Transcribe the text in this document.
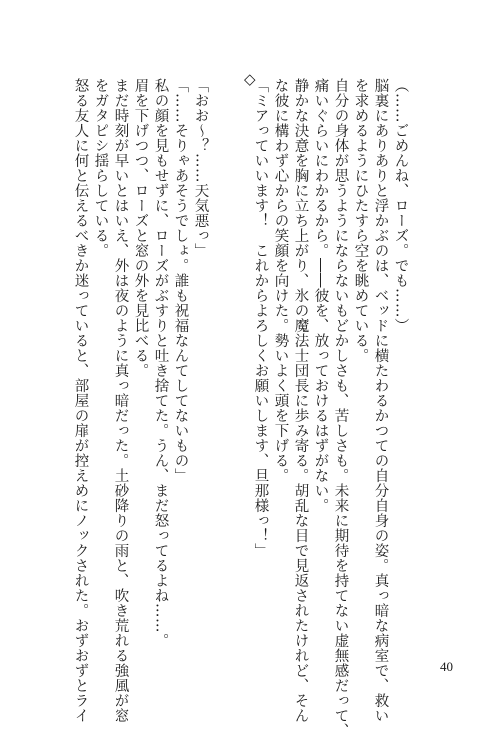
（……ごめんね、ローズ。でも……）
脳裏にありありと浮かぶのは、ベッドに横たわるかつての自分自身の姿。真っ暗な病室で、救い
を求めるようにひたすら空を眺めている。
自分の身体が思うようにならないもどかしさも、苦しさも。未来に期待を持てない虚無感だって、
痛いぐらいにわかるから。――彼を、放っておけるはずがない。
静かな決意を胸に立ち上がり、氷の魔法士団長に歩み寄る。胡乱な目で見返されたけれど、そん
な彼に構わず心からの笑顔を向けた。勢いよく頭を下げる。
「ミアっていいます！　これからよろしくお願いします、旦那様っ！」
◇
「おお～？……天気悪っ」
「……そりゃあそうでしょ。誰も祝福なんてしてないもの」
私の顔を見もせずに、ローズがぶすりと吐き捨てた。うん、まだ怒ってるよね……。
眉を下げつつ、ローズと窓の外を見比べる。
まだ時刻が早いとはいえ、外は夜のように真っ暗だった。土砂降りの雨と、吹き荒れる強風が窓
をガタピシ揺らしている。
怒る友人に何と伝えるべきか迷っていると、部屋の扉が控えめにノックされた。おずおずとライ	40
